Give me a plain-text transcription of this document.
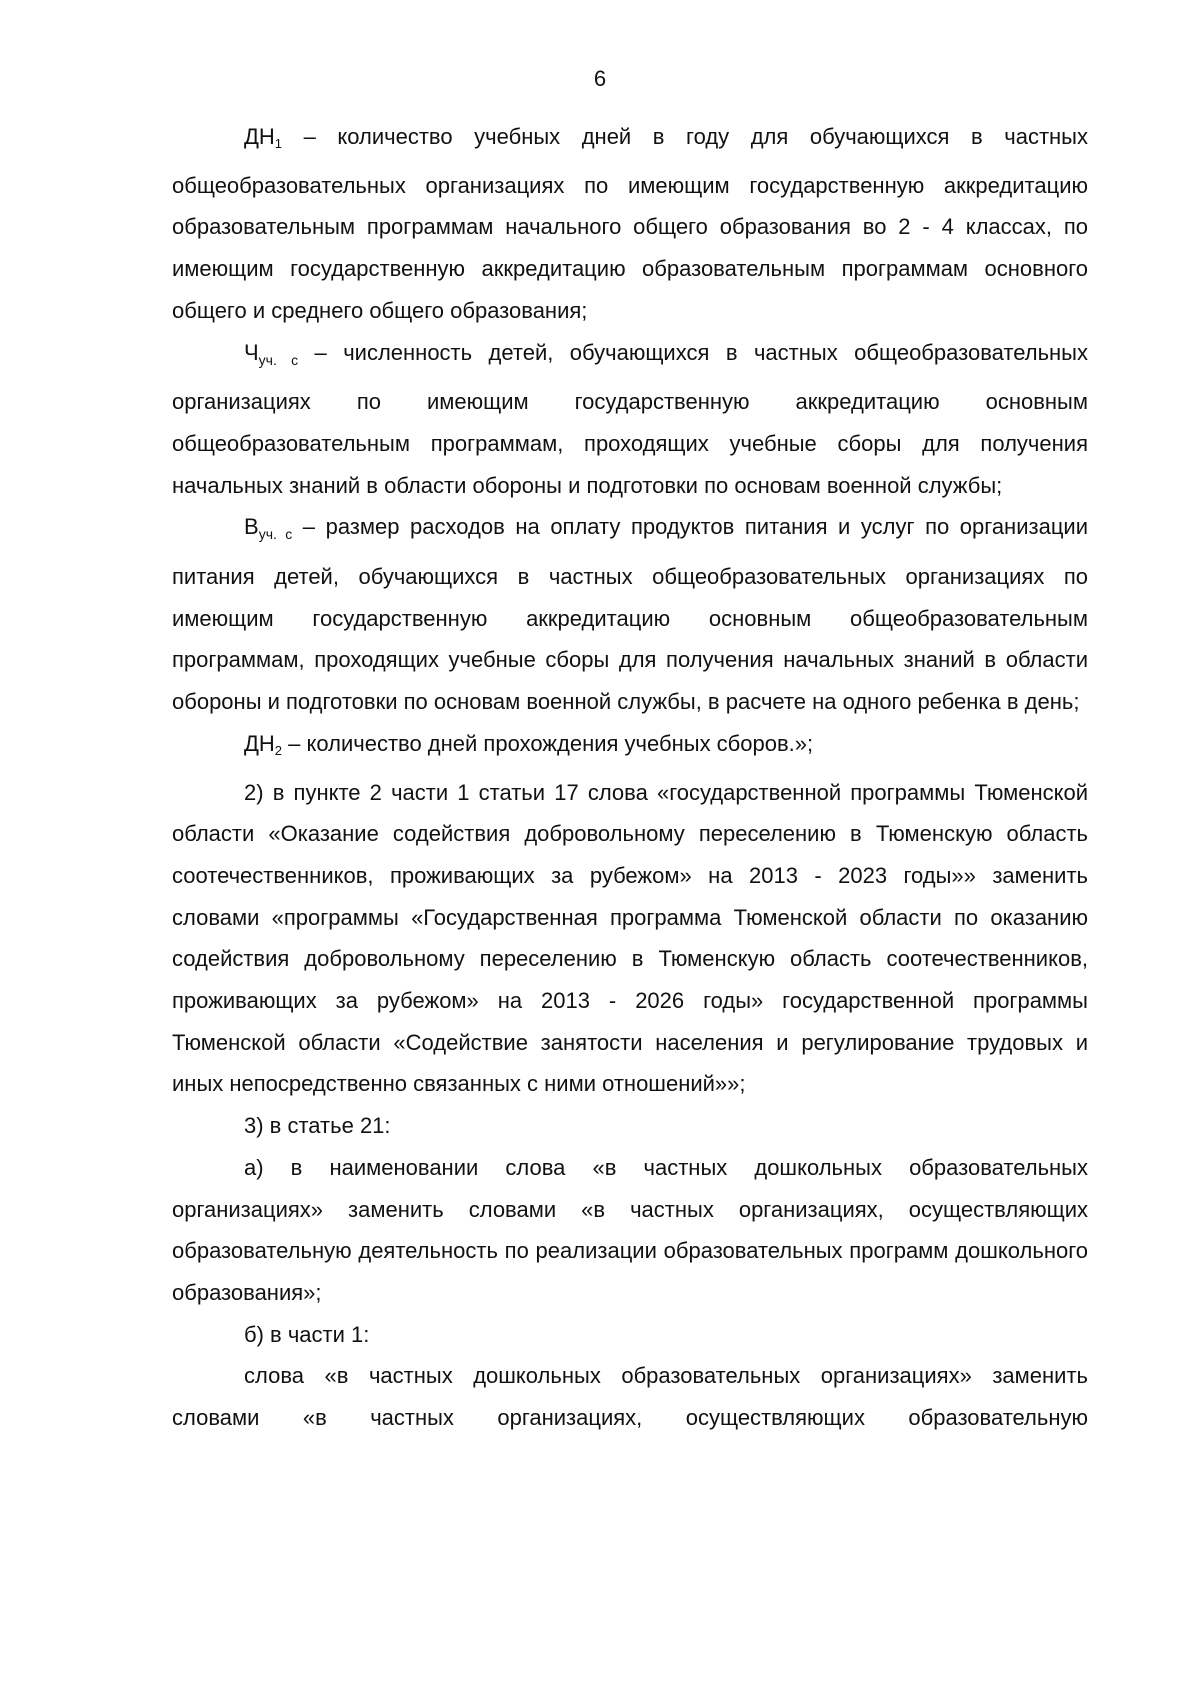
6

$ДН_1$ – количество учебных дней в году для обучающихся в частных общеобразовательных организациях по имеющим государственную аккредитацию образовательным программам начального общего образования во 2 - 4 классах, по имеющим государственную аккредитацию образовательным программам основного общего и среднего общего образования;

$Ч_{уч. с}$ – численность детей, обучающихся в частных общеобразовательных организациях по имеющим государственную аккредитацию основным общеобразовательным программам, проходящих учебные сборы для получения начальных знаний в области обороны и подготовки по основам военной службы;

$В_{уч. с}$ – размер расходов на оплату продуктов питания и услуг по организации питания детей, обучающихся в частных общеобразовательных организациях по имеющим государственную аккредитацию основным общеобразовательным программам, проходящих учебные сборы для получения начальных знаний в области обороны и подготовки по основам военной службы, в расчете на одного ребенка в день;

$ДН_2$ – количество дней прохождения учебных сборов.»;

2) в пункте 2 части 1 статьи 17 слова «государственной программы Тюменской области «Оказание содействия добровольному переселению в Тюменскую область соотечественников, проживающих за рубежом» на 2013 - 2023 годы»» заменить словами «программы «Государственная программа Тюменской области по оказанию содействия добровольному переселению в Тюменскую область соотечественников, проживающих за рубежом» на 2013 - 2026 годы» государственной программы Тюменской области «Содействие занятости населения и регулирование трудовых и иных непосредственно связанных с ними отношений»»;

3) в статье 21:

а) в наименовании слова «в частных дошкольных образовательных организациях» заменить словами «в частных организациях, осуществляющих образовательную деятельность по реализации образовательных программ дошкольного образования»;

б) в части 1:

слова «в частных дошкольных образовательных организациях» заменить словами «в частных организациях, осуществляющих образовательную
